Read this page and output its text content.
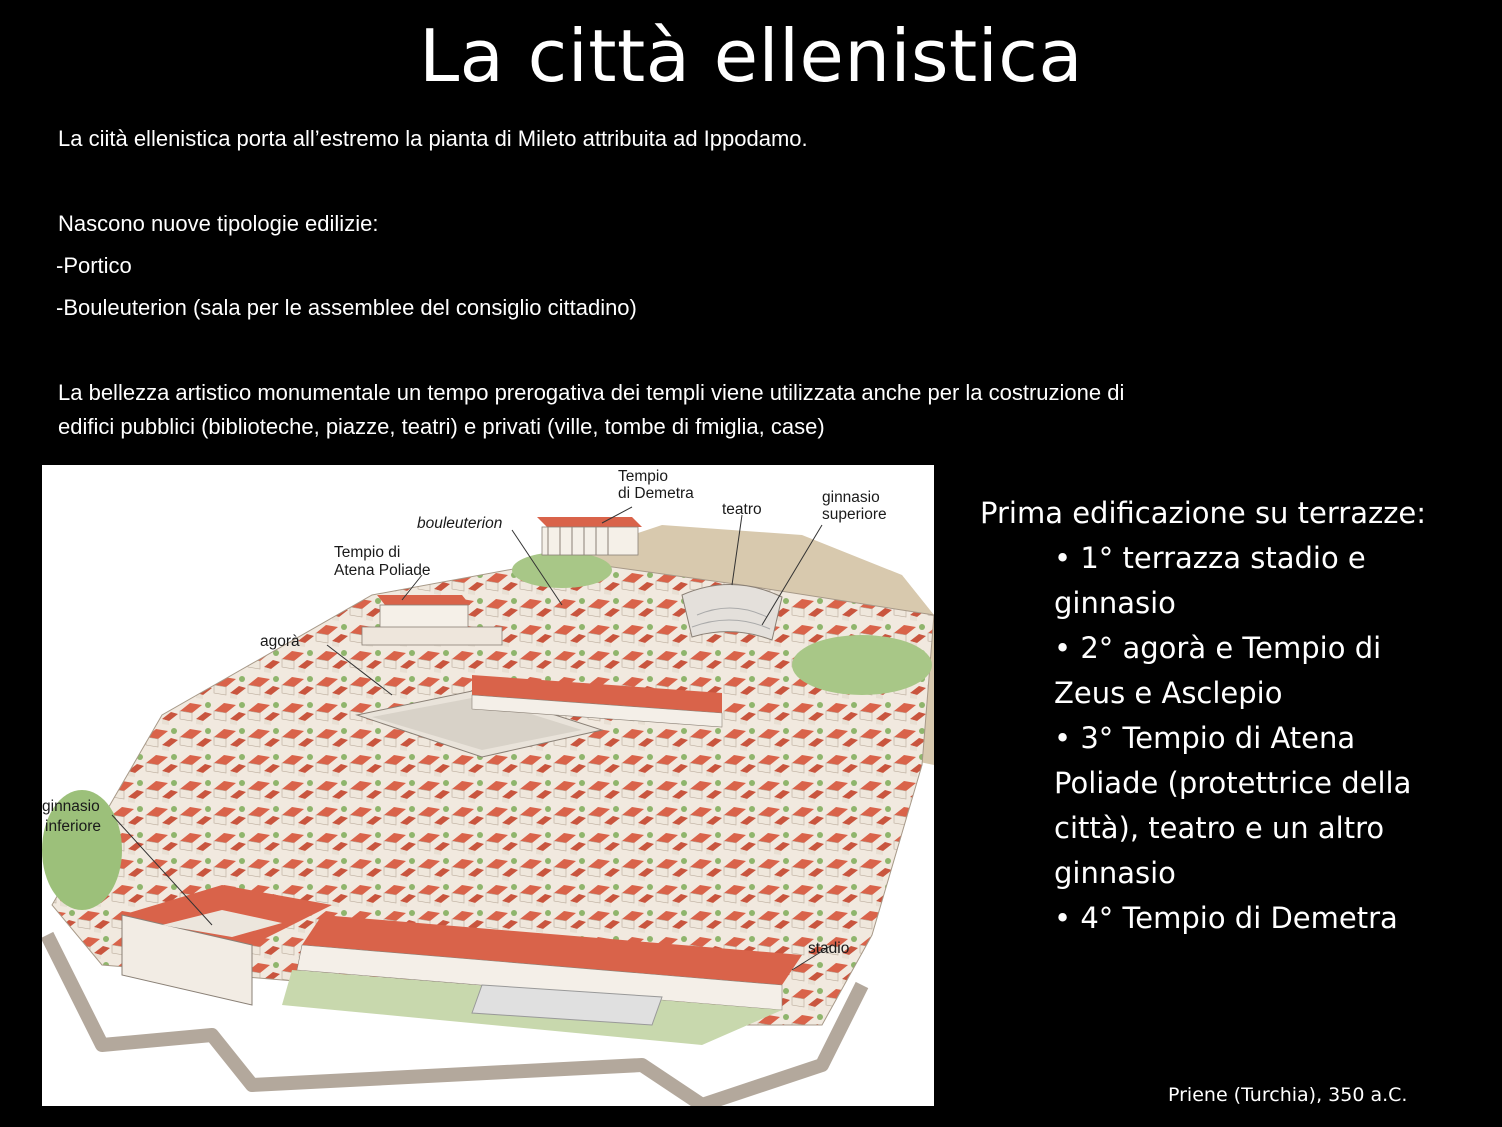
La città ellenistica
La ciità ellenistica porta all’estremo la pianta di Mileto attribuita ad Ippodamo.
Nascono nuove tipologie edilizie:
-Portico
-Bouleuterion (sala per le assemblee del consiglio cittadino)
La bellezza artistico monumentale un tempo prerogativa dei templi viene utilizzata anche per la costruzione di
edifici pubblici (biblioteche, piazze, teatri) e privati (ville, tombe di fmiglia, case)
Tempio
di Demetra
teatro
ginnasio
superiore
bouleuterion
Tempio di
Atena Poliade
agorà
ginnasio
inferiore
stadio
Prima edificazione su terrazze:
• 1° terrazza stadio e
ginnasio
• 2° agorà e Tempio di
Zeus e Asclepio
• 3° Tempio di Atena
Poliade (protettrice della
città), teatro e un altro
ginnasio
• 4° Tempio di Demetra
Priene (Turchia), 350 a.C.
